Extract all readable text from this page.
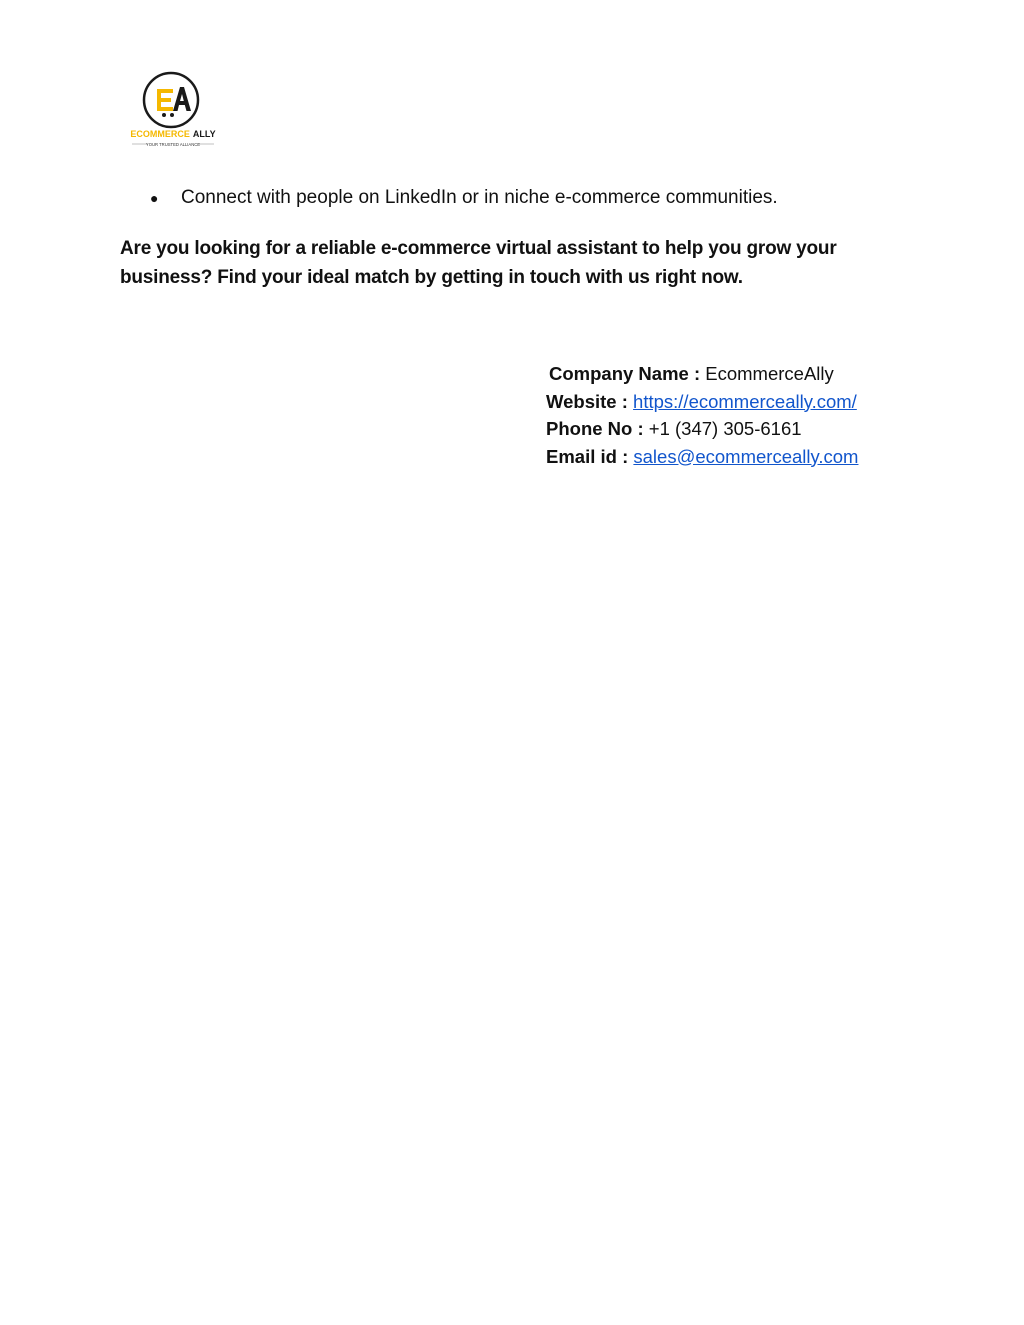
ECOMMERCE ALLY
YOUR TRUSTED ALLIANCE
●	Connect with people on LinkedIn or in niche e-commerce communities.

Are you looking for a reliable e-commerce virtual assistant to help you grow your business? Find your ideal match by getting in touch with us right now.

Company Name : EcommerceAlly
Website : https://ecommerceally.com/
Phone No : +1 (347) 305-6161
Email id : sales@ecommerceally.com
